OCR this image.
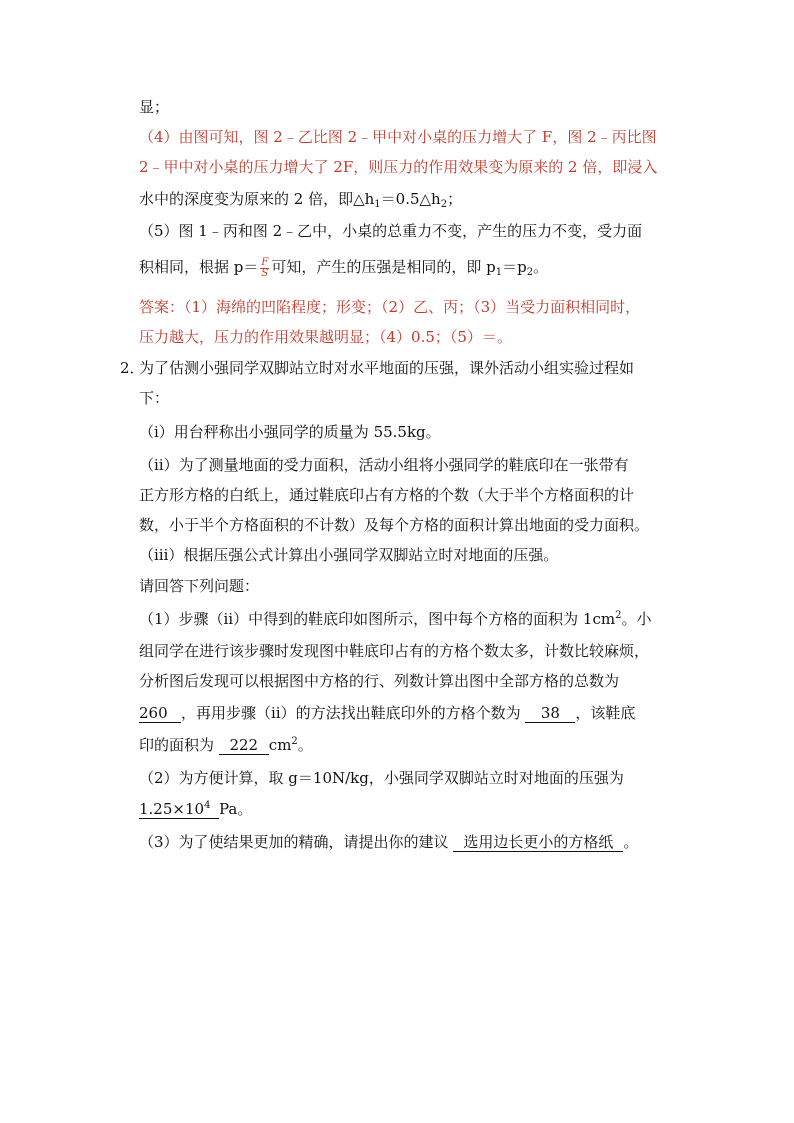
显；
（4）由图可知，图 2﹣乙比图 2﹣甲中对小桌的压力增大了 F，图 2﹣丙比图
2﹣甲中对小桌的压力增大了 2F，则压力的作用效果变为原来的 2 倍，即浸入
水中的深度变为原来的 2 倍，即$\triangle h_1=0.5\triangle h_2$；
（5）图 1﹣丙和图 2﹣乙中，小桌的总重力不变，产生的压力不变，受力面
积相同，根据 $p= \frac{F}{S}$ 可知，产生的压强是相同的，即 $p_1=p_2$。
答案：（1）海绵的凹陷程度；形变；（2）乙、丙；（3）当受力面积相同时，
压力越大，压力的作用效果越明显；（4）0.5；（5）＝。
2．
为了估测小强同学双脚站立时对水平地面的压强，课外活动小组实验过程如
下：
（ⅰ）用台秤称出小强同学的质量为 55.5kg。
（ⅱ）为了测量地面的受力面积，活动小组将小强同学的鞋底印在一张带有
正方形方格的白纸上，通过鞋底印占有方格的个数（大于半个方格面积的计
数，小于半个方格面积的不计数）及每个方格的面积计算出地面的受力面积。
（ⅲ）根据压强公式计算出小强同学双脚站立时对地面的压强。
请回答下列问题：
（1）步骤（ⅱ）中得到的鞋底印如图所示，图中每个方格的面积为 $1cm^2$。小
组同学在进行该步骤时发现图中鞋底印占有的方格个数太多，计数比较麻烦，
分析图后发现可以根据图中方格的行、列数计算出图中全部方格的总数为
260 ，再用步骤（ⅱ）的方法找出鞋底印外的方格个数为 38 ，该鞋底
印的面积为 222 $cm^2$。
（2）为方便计算，取 g＝10N/kg，小强同学双脚站立时对地面的压强为
$1.25\times 10^4$ Pa。
（3）为了使结果更加的精确，请提出你的建议 选用边长更小的方格纸 。
